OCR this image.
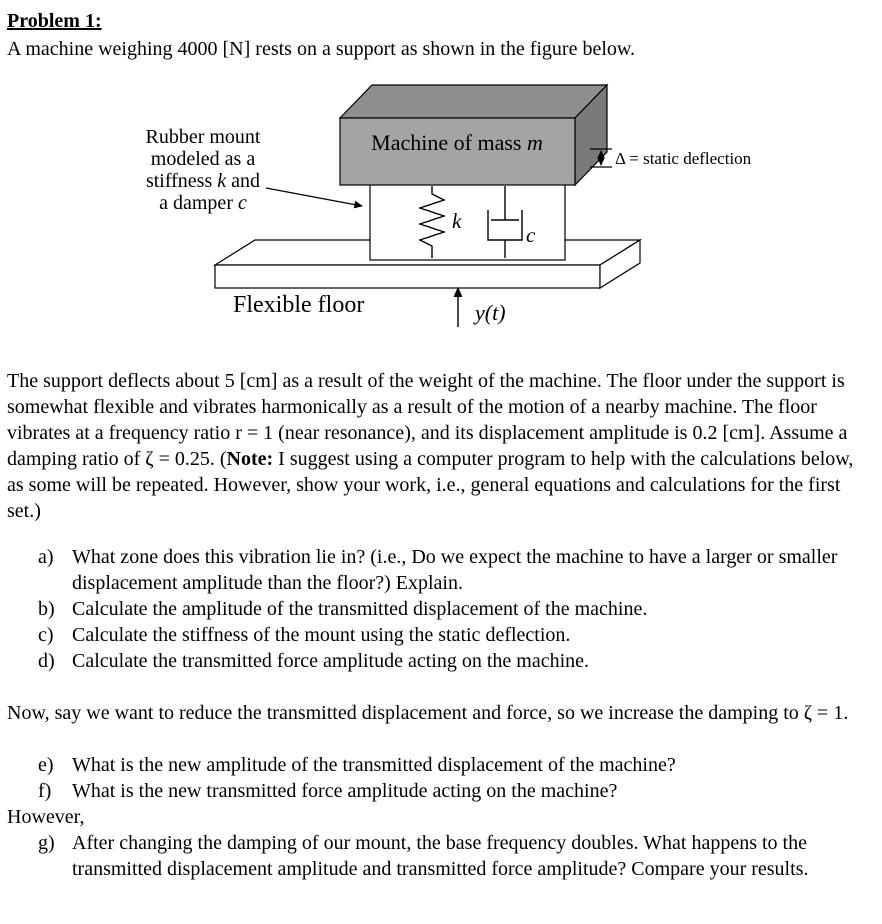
Problem 1:

A machine weighing 4000 [N] rests on a support as shown in the figure below.

k
c
Machine of mass m
Rubber mount
modeled as a
stiffness k and
a damper c
Δ = static deflection
Flexible floor	y(t)

The support deflects about 5 [cm] as a result of the weight of the machine. The floor under the support is somewhat flexible and vibrates harmonically as a result of the motion of a nearby machine. The floor vibrates at a frequency ratio r = 1 (near resonance), and its displacement amplitude is 0.2 [cm]. Assume a damping ratio of ζ = 0.25. (Note: I suggest using a computer program to help with the calculations below, as some will be repeated. However, show your work, i.e., general equations and calculations for the first set.)

a) What zone does this vibration lie in? (i.e., Do we expect the machine to have a larger or smaller displacement amplitude than the floor?) Explain.
b) Calculate the amplitude of the transmitted displacement of the machine.
c) Calculate the stiffness of the mount using the static deflection.
d) Calculate the transmitted force amplitude acting on the machine.

Now, say we want to reduce the transmitted displacement and force, so we increase the damping to ζ = 1.

e) What is the new amplitude of the transmitted displacement of the machine?
f)	What is the new transmitted force amplitude acting on the machine?

However,

g) After changing the damping of our mount, the base frequency doubles. What happens to the transmitted displacement amplitude and transmitted force amplitude? Compare your results.
